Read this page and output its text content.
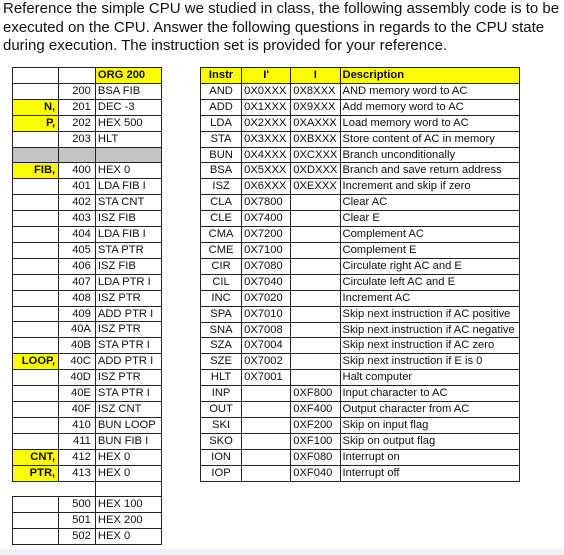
Reference the simple CPU we studied in class, the following assembly code is to be
executed on the CPU. Answer the following questions in regards to the CPU state
during execution. The instruction set is provided for your reference.
		ORG 200
	200	BSA FIB
N,	201	DEC -3
P,	202	HEX 500
	203	HLT

FIB,	400	HEX 0
	401	LDA FIB I
	402	STA CNT
	403	ISZ FIB
	404	LDA FIB I
	405	STA PTR
	406	ISZ FIB
	407	LDA PTR I
	408	ISZ PTR
	409	ADD PTR I
	40A	ISZ PTR
	40B	STA PTR I
LOOP,	40C	ADD PTR I
	40D	ISZ PTR
	40E	STA PTR I
	40F	ISZ CNT
	410	BUN LOOP
	411	BUN FIB I
CNT,	412	HEX 0
PTR,	413	HEX 0

	500	HEX 100
	501	HEX 200
	502	HEX 0
Instr	I'	I	Description
AND	0X0XXX	0X8XXX	AND memory word to AC
ADD	0X1XXX	0X9XXX	Add memory word to AC
LDA	0X2XXX	0XAXXX	Load memory word to AC
STA	0X3XXX	0XBXXX	Store content of AC in memory
BUN	0X4XXX	0XCXXX	Branch unconditionally
BSA	0X5XXX	0XDXXX	Branch and save return address
ISZ	0X6XXX	0XEXXX	Increment and skip if zero
CLA	0X7800		Clear AC
CLE	0X7400		Clear E
CMA	0X7200		Complement AC
CME	0X7100		Complement E
CIR	0X7080		Circulate right AC and E
CIL	0X7040		Circulate left AC and E
INC	0X7020		Increment AC
SPA	0X7010		Skip next instruction if AC positive
SNA	0X7008		Skip next instruction if AC negative
SZA	0X7004		Skip next instruction if AC zero
SZE	0X7002		Skip next instruction if E is 0
HLT	0X7001		Halt computer
INP		0XF800	Input character to AC
OUT		0XF400	Output character from AC
SKI		0XF200	Skip on input flag
SKO		0XF100	Skip on output flag
ION		0XF080	Interrupt on
IOP		0XF040	Interrupt off
